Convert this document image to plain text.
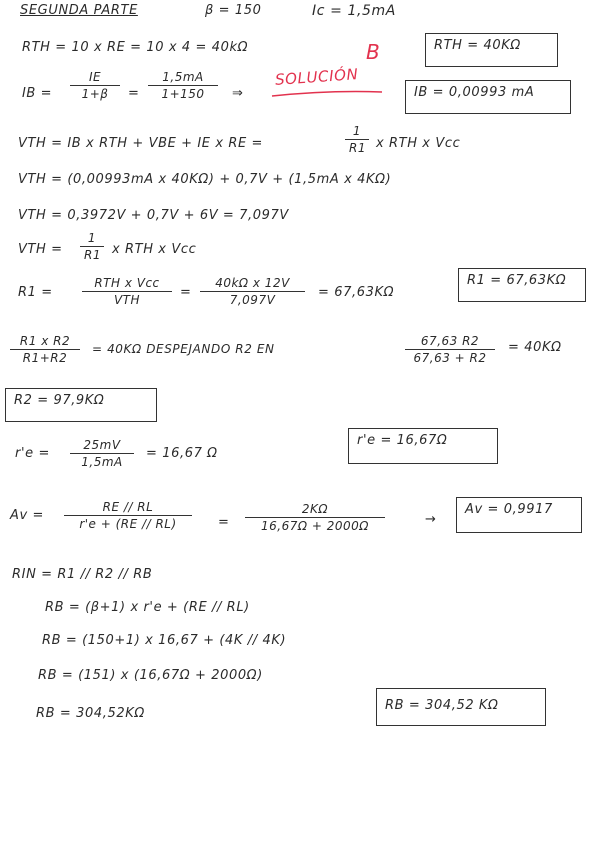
SEGUNDA PARTE	β = 150	Ic = 1,5mA
RTH = 10 x RE = 10 x 4 = 40kΩ	RTH = 40KΩ
IB = $\frac{IE}{1+\beta} = \frac{1,5mA}{1+150}$ ⇒
SOLUCIÓN
B
IB = 0,00993 mA
VTH = IB x RTH + VBE + IE x RE =	$\frac{1}{R1}$ x RTH x Vcc
VTH = (0,00993mA x 40KΩ) + 0,7V + (1,5mA x 4KΩ)
VTH = 0,3972V + 0,7V + 6V = 7,097V
VTH = $\frac{1}{R1}$ x RTH x Vcc
R1 =
RTH x Vcc
VTH	= $\frac{\text{40kΩ x 12V}}{7,097V} = 67,63K\Omega$
R1 = 67,63KΩ
$\frac{\text{R1 x R2}}{R1+R2} = 40K\Omega$ DESPEJANDO R2 EN	$\frac{67,63 R2}{67,63 + R2} = 40K\Omega$
R2 = 97,9KΩ
$r'e = \frac{25mV}{1,5mA} = 16,67$ Ω
r'e = 16,67Ω
$Av = \frac{RE // RL}{r'e + (RE // RL)} = \frac{2K\Omega}{16,67\Omega + 2000\Omega}$	→
Av = 0,9917
RIN = R1 // R2 // RB
RB = (β+1) x r'e + (RE // RL)
RB = (150+1) x 16,67 + (4K // 4K)
RB = (151) x (16,67Ω + 2000Ω)
RB = 304,52KΩ
RB = 304,52 KΩ
